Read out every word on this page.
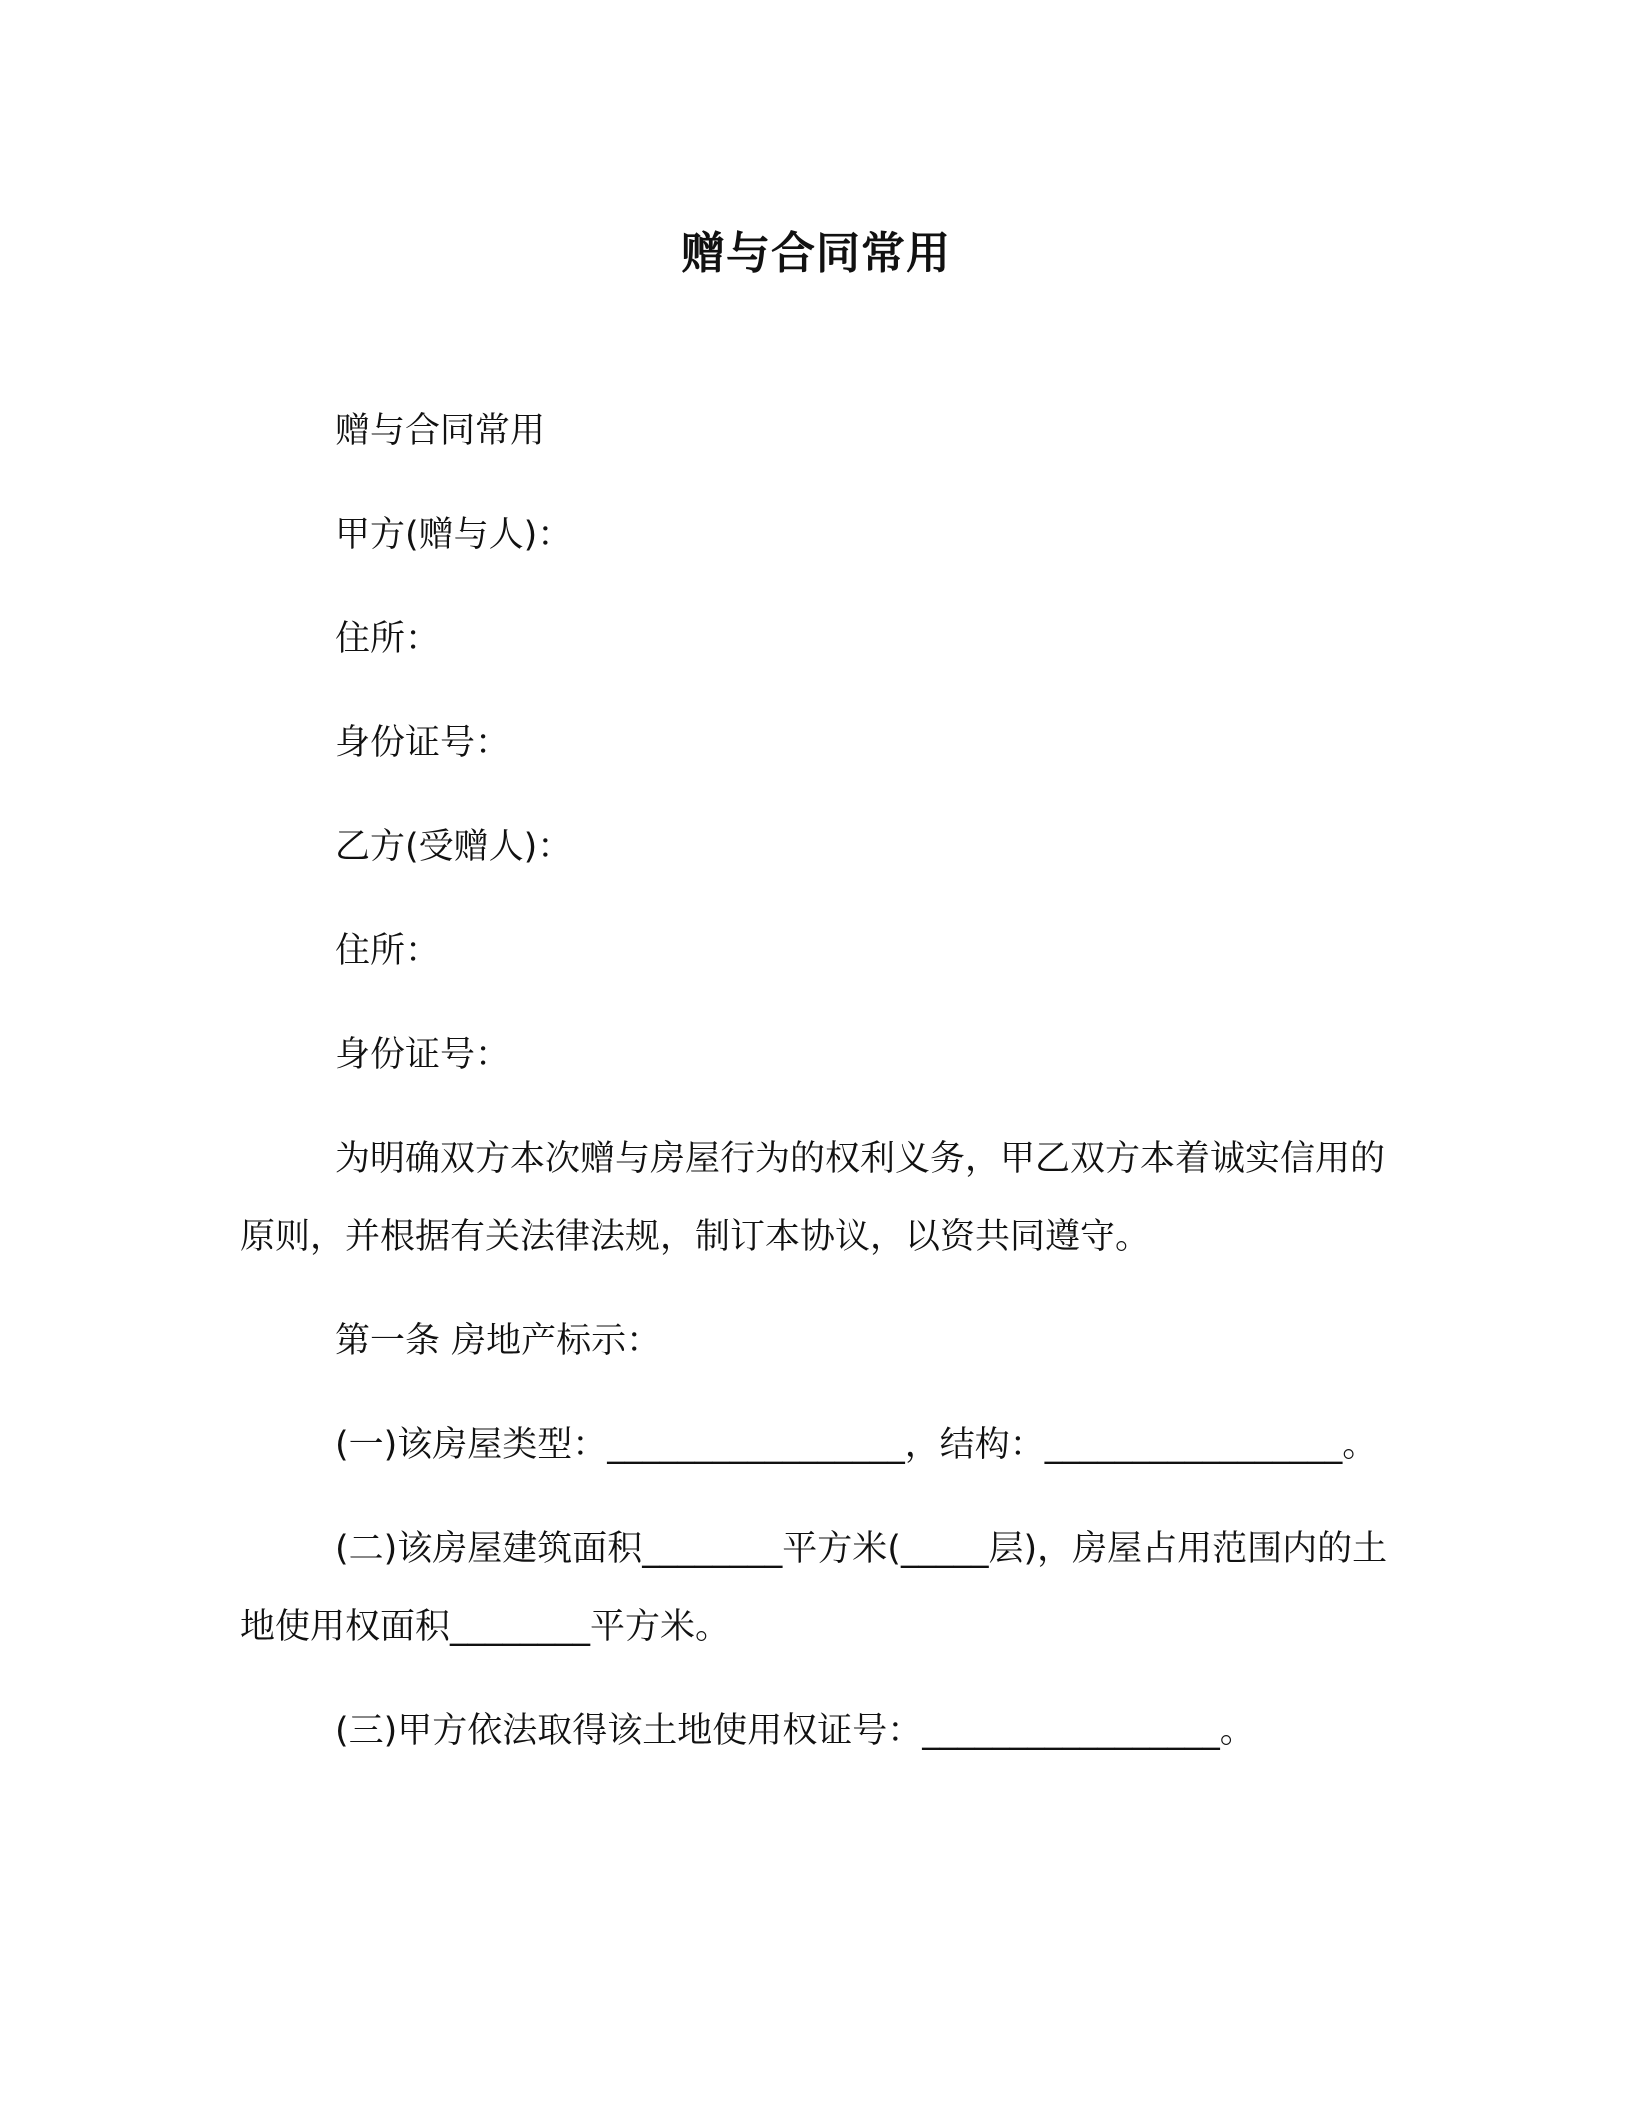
赠与合同常用

赠与合同常用

甲方(赠与人)：

住所：

身份证号：

乙方(受赠人)：

住所：

身份证号：

为明确双方本次赠与房屋行为的权利义务，甲乙双方本着诚实信用的原则，并根据有关法律法规，制订本协议，以资共同遵守。

第一条 房地产标示：

(一)该房屋类型：_________________，结构：_________________。

(二)该房屋建筑面积________平方米(_____层)，房屋占用范围内的土地使用权面积________平方米。

(三)甲方依法取得该土地使用权证号：_________________。
